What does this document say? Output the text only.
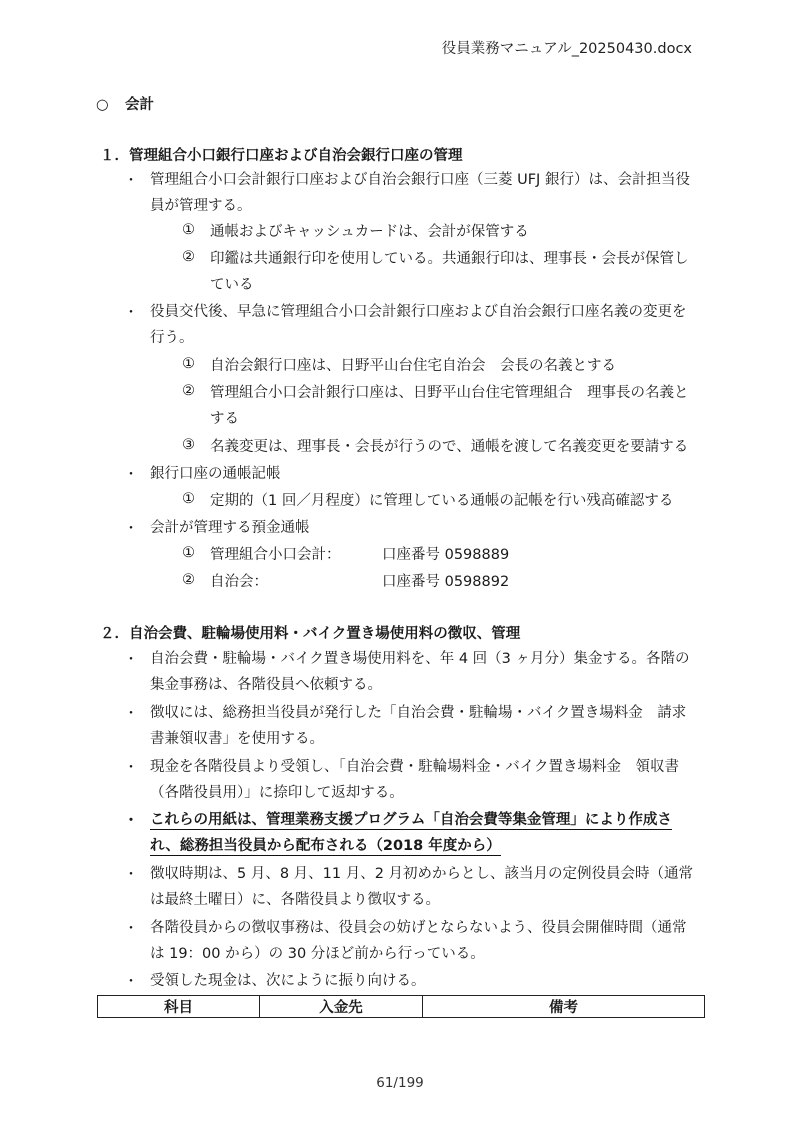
役員業務マニュアル_20250430.docx
○ 会計
１．管理組合小口銀行口座および自治会銀行口座の管理
・ 管理組合小口会計銀行口座および自治会銀行口座（三菱 UFJ 銀行）は、会計担当役
員が管理する。
① 通帳およびキャッシュカードは、会計が保管する
② 印鑑は共通銀行印を使用している。共通銀行印は、理事長・会長が保管し
ている
・ 役員交代後、早急に管理組合小口会計銀行口座および自治会銀行口座名義の変更を
行う。
① 自治会銀行口座は、日野平山台住宅自治会　会長の名義とする
② 管理組合小口会計銀行口座は、日野平山台住宅管理組合　理事長の名義と
する
③ 名義変更は、理事長・会長が行うので、通帳を渡して名義変更を要請する
・ 銀行口座の通帳記帳
① 定期的（1 回／月程度）に管理している通帳の記帳を行い残高確認する
・ 会計が管理する預金通帳
① 管理組合小口会計：	口座番号 0598889
② 自治会：	口座番号 0598892
２．自治会費、駐輪場使用料・バイク置き場使用料の徴収、管理
・ 自治会費・駐輪場・バイク置き場使用料を、年 4 回（3 ヶ月分）集金する。各階の
集金事務は、各階役員へ依頼する。
・ 徴収には、総務担当役員が発行した「自治会費・駐輪場・バイク置き場料金　請求
書兼領収書」を使用する。
・ 現金を各階役員より受領し、「自治会費・駐輪場料金・バイク置き場料金　領収書
（各階役員用）」に捺印して返却する。
・ これらの用紙は、管理業務支援プログラム「自治会費等集金管理」により作成さ
れ、総務担当役員から配布される（2018 年度から）
・ 徴収時期は、5 月、8 月、11 月、2 月初めからとし、該当月の定例役員会時（通常
は最終土曜日）に、各階役員より徴収する。
・ 各階役員からの徴収事務は、役員会の妨げとならないよう、役員会開催時間（通常
は 19：00 から）の 30 分ほど前から行っている。
・ 受領した現金は、次にように振り向ける。
科目	入金先	備考
61/199
